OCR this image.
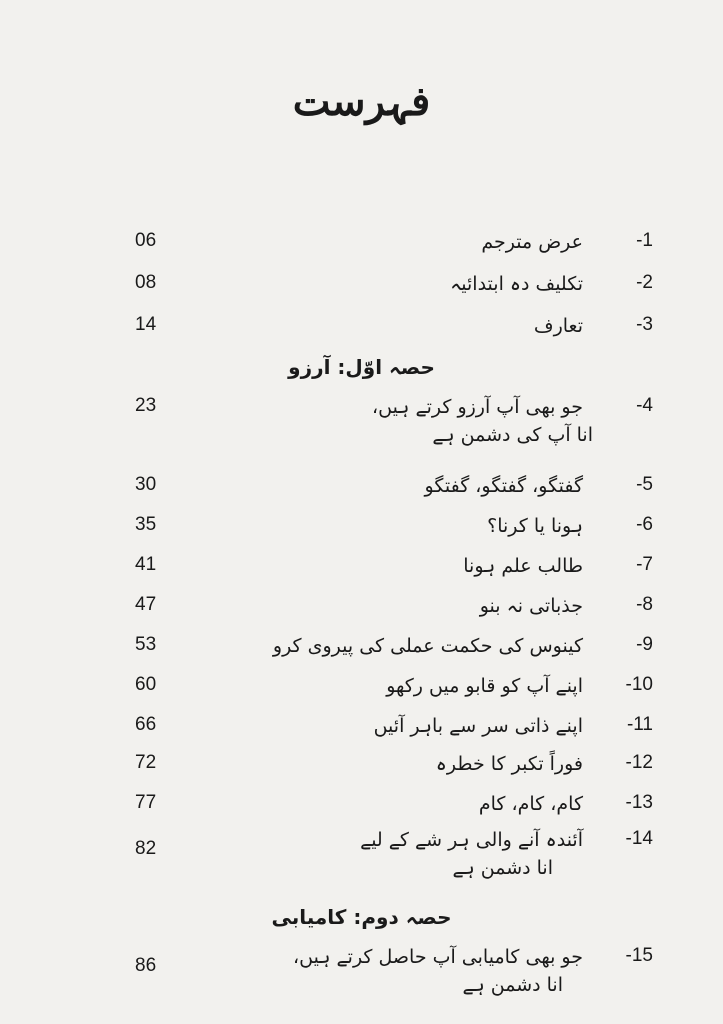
فہرست
-1
عرض مترجم
06
-2
تکلیف دہ ابتدائیہ
08
-3
تعارف
14
حصہ اوّل: آرزو
-4
جو بھی آپ آرزو کرتے ہیں،
انا آپ کی دشمن ہے
23
-5
گفتگو، گفتگو، گفتگو
30
-6
ہونا یا کرنا؟
35
-7
طالب علم ہونا
41
-8
جذباتی نہ بنو
47
-9
کینوس کی حکمت عملی کی پیروی کرو
53
-10
اپنے آپ کو قابو میں رکھو
60
-11
اپنے ذاتی سر سے باہر آئیں
66
-12
فوراً تکبر کا خطرہ
72
-13
کام، کام، کام
77
-14
آئندہ آنے والی ہر شے کے لیے
انا دشمن ہے
82
حصہ دوم: کامیابی
-15
جو بھی کامیابی آپ حاصل کرتے ہیں،
انا دشمن ہے
86
